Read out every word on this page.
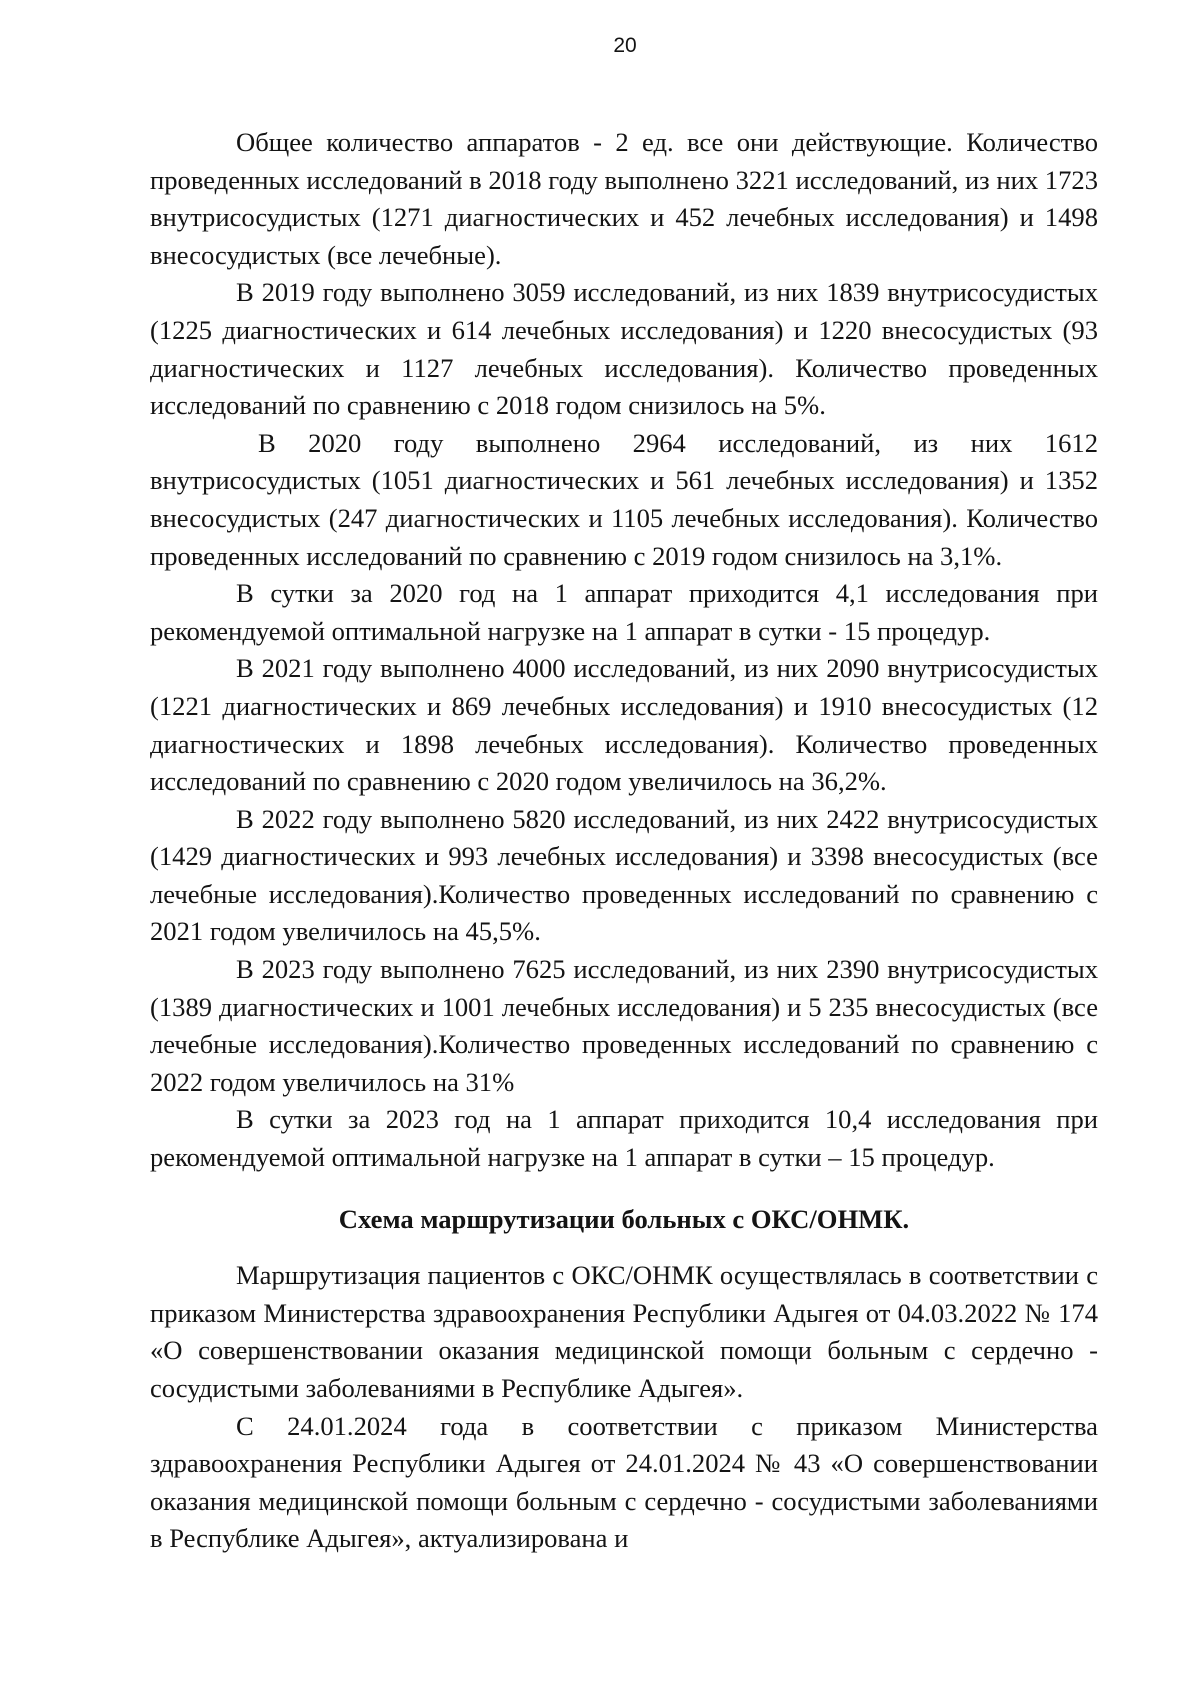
20

Общее количество аппаратов - 2 ед. все они действующие. Количество проведенных исследований в 2018 году выполнено 3221 исследований, из них 1723 внутрисосудистых (1271 диагностических и 452 лечебных исследования) и 1498 внесосудистых (все лечебные).

В 2019 году выполнено 3059 исследований, из них 1839 внутрисосудистых (1225 диагностических и 614 лечебных исследования) и 1220 внесосудистых (93 диагностических и 1127 лечебных исследования). Количество проведенных исследований по сравнению с 2018 годом снизилось на 5%.

В 2020 году выполнено 2964 исследований, из них 1612 внутрисосудистых (1051 диагностических и 561 лечебных исследования) и 1352 внесосудистых (247 диагностических и 1105 лечебных исследования). Количество проведенных исследований по сравнению с 2019 годом снизилось на 3,1%.

В сутки за 2020 год на 1 аппарат приходится 4,1 исследования при рекомендуемой оптимальной нагрузке на 1 аппарат в сутки - 15 процедур.

В 2021 году выполнено 4000 исследований, из них 2090 внутрисосудистых (1221 диагностических и 869 лечебных исследования) и 1910 внесосудистых (12 диагностических и 1898 лечебных исследования). Количество проведенных исследований по сравнению с 2020 годом увеличилось на 36,2%.

В 2022 году выполнено 5820 исследований, из них 2422 внутрисосудистых (1429 диагностических и 993 лечебных исследования) и 3398 внесосудистых (все лечебные исследования).Количество проведенных исследований по сравнению с 2021 годом увеличилось на 45,5%.

В 2023 году выполнено 7625 исследований, из них 2390 внутрисосудистых (1389 диагностических и 1001 лечебных исследования) и 5 235 внесосудистых (все лечебные исследования).Количество проведенных исследований по сравнению с 2022 годом увеличилось на 31%

В сутки за 2023 год на 1 аппарат приходится 10,4 исследования при рекомендуемой оптимальной нагрузке на 1 аппарат в сутки – 15 процедур.

Схема маршрутизации больных с ОКС/ОНМК.

Маршрутизация пациентов с ОКС/ОНМК осуществлялась в соответствии с приказом Министерства здравоохранения Республики Адыгея от 04.03.2022 № 174 «О совершенствовании оказания медицинской помощи больным с сердечно - сосудистыми заболеваниями в Республике Адыгея».

С 24.01.2024 года в соответствии с приказом Министерства здравоохранения Республики Адыгея от 24.01.2024 № 43 «О совершенствовании оказания медицинской помощи больным с сердечно - сосудистыми заболеваниями в Республике Адыгея», актуализирована и
